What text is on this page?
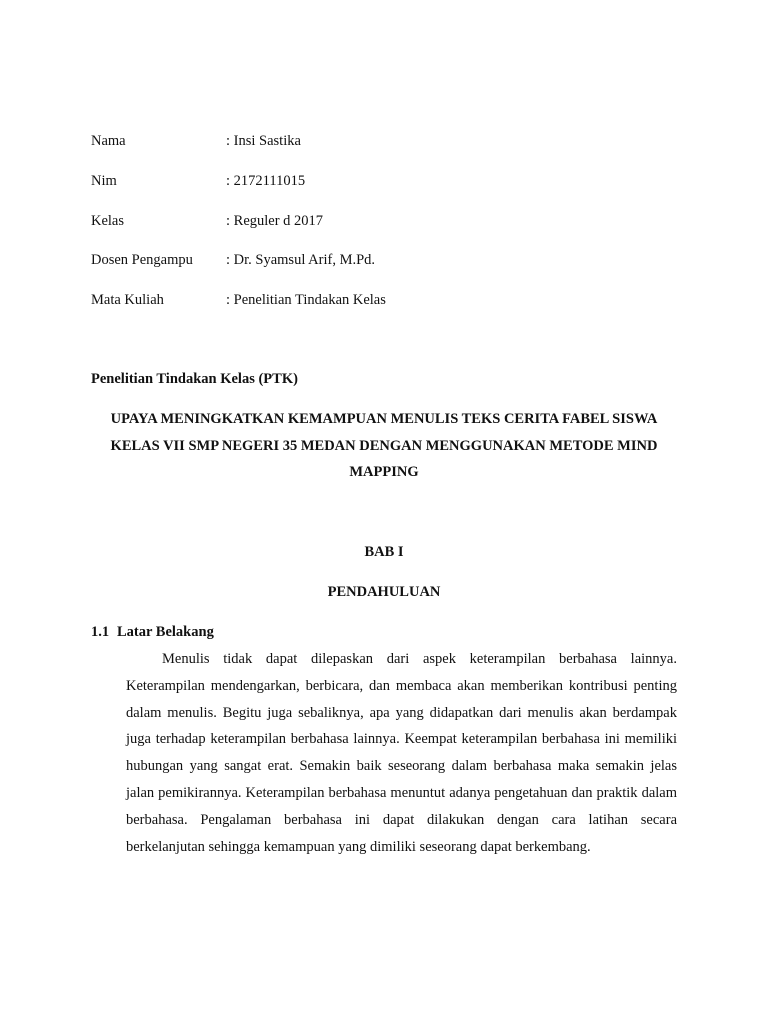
Nama	: Insi Sastika
Nim	: 2172111015
Kelas	: Reguler d 2017
Dosen Pengampu : Dr. Syamsul Arif, M.Pd.
Mata Kuliah	: Penelitian Tindakan Kelas
Penelitian Tindakan Kelas (PTK)
UPAYA MENINGKATKAN KEMAMPUAN MENULIS TEKS CERITA FABEL SISWA KELAS VII SMP NEGERI 35 MEDAN DENGAN MENGGUNAKAN METODE MIND MAPPING
BAB I
PENDAHULUAN
1.1 Latar Belakang

Menulis tidak dapat dilepaskan dari aspek keterampilan berbahasa lainnya. Keterampilan mendengarkan, berbicara, dan membaca akan memberikan kontribusi penting dalam menulis. Begitu juga sebaliknya, apa yang didapatkan dari menulis akan berdampak juga terhadap keterampilan berbahasa lainnya. Keempat keterampilan berbahasa ini memiliki hubungan yang sangat erat. Semakin baik seseorang dalam berbahasa maka semakin jelas jalan pemikirannya. Keterampilan berbahasa menuntut adanya pengetahuan dan praktik dalam berbahasa. Pengalaman berbahasa ini dapat dilakukan dengan cara latihan secara berkelanjutan sehingga kemampuan yang dimiliki seseorang dapat berkembang.
